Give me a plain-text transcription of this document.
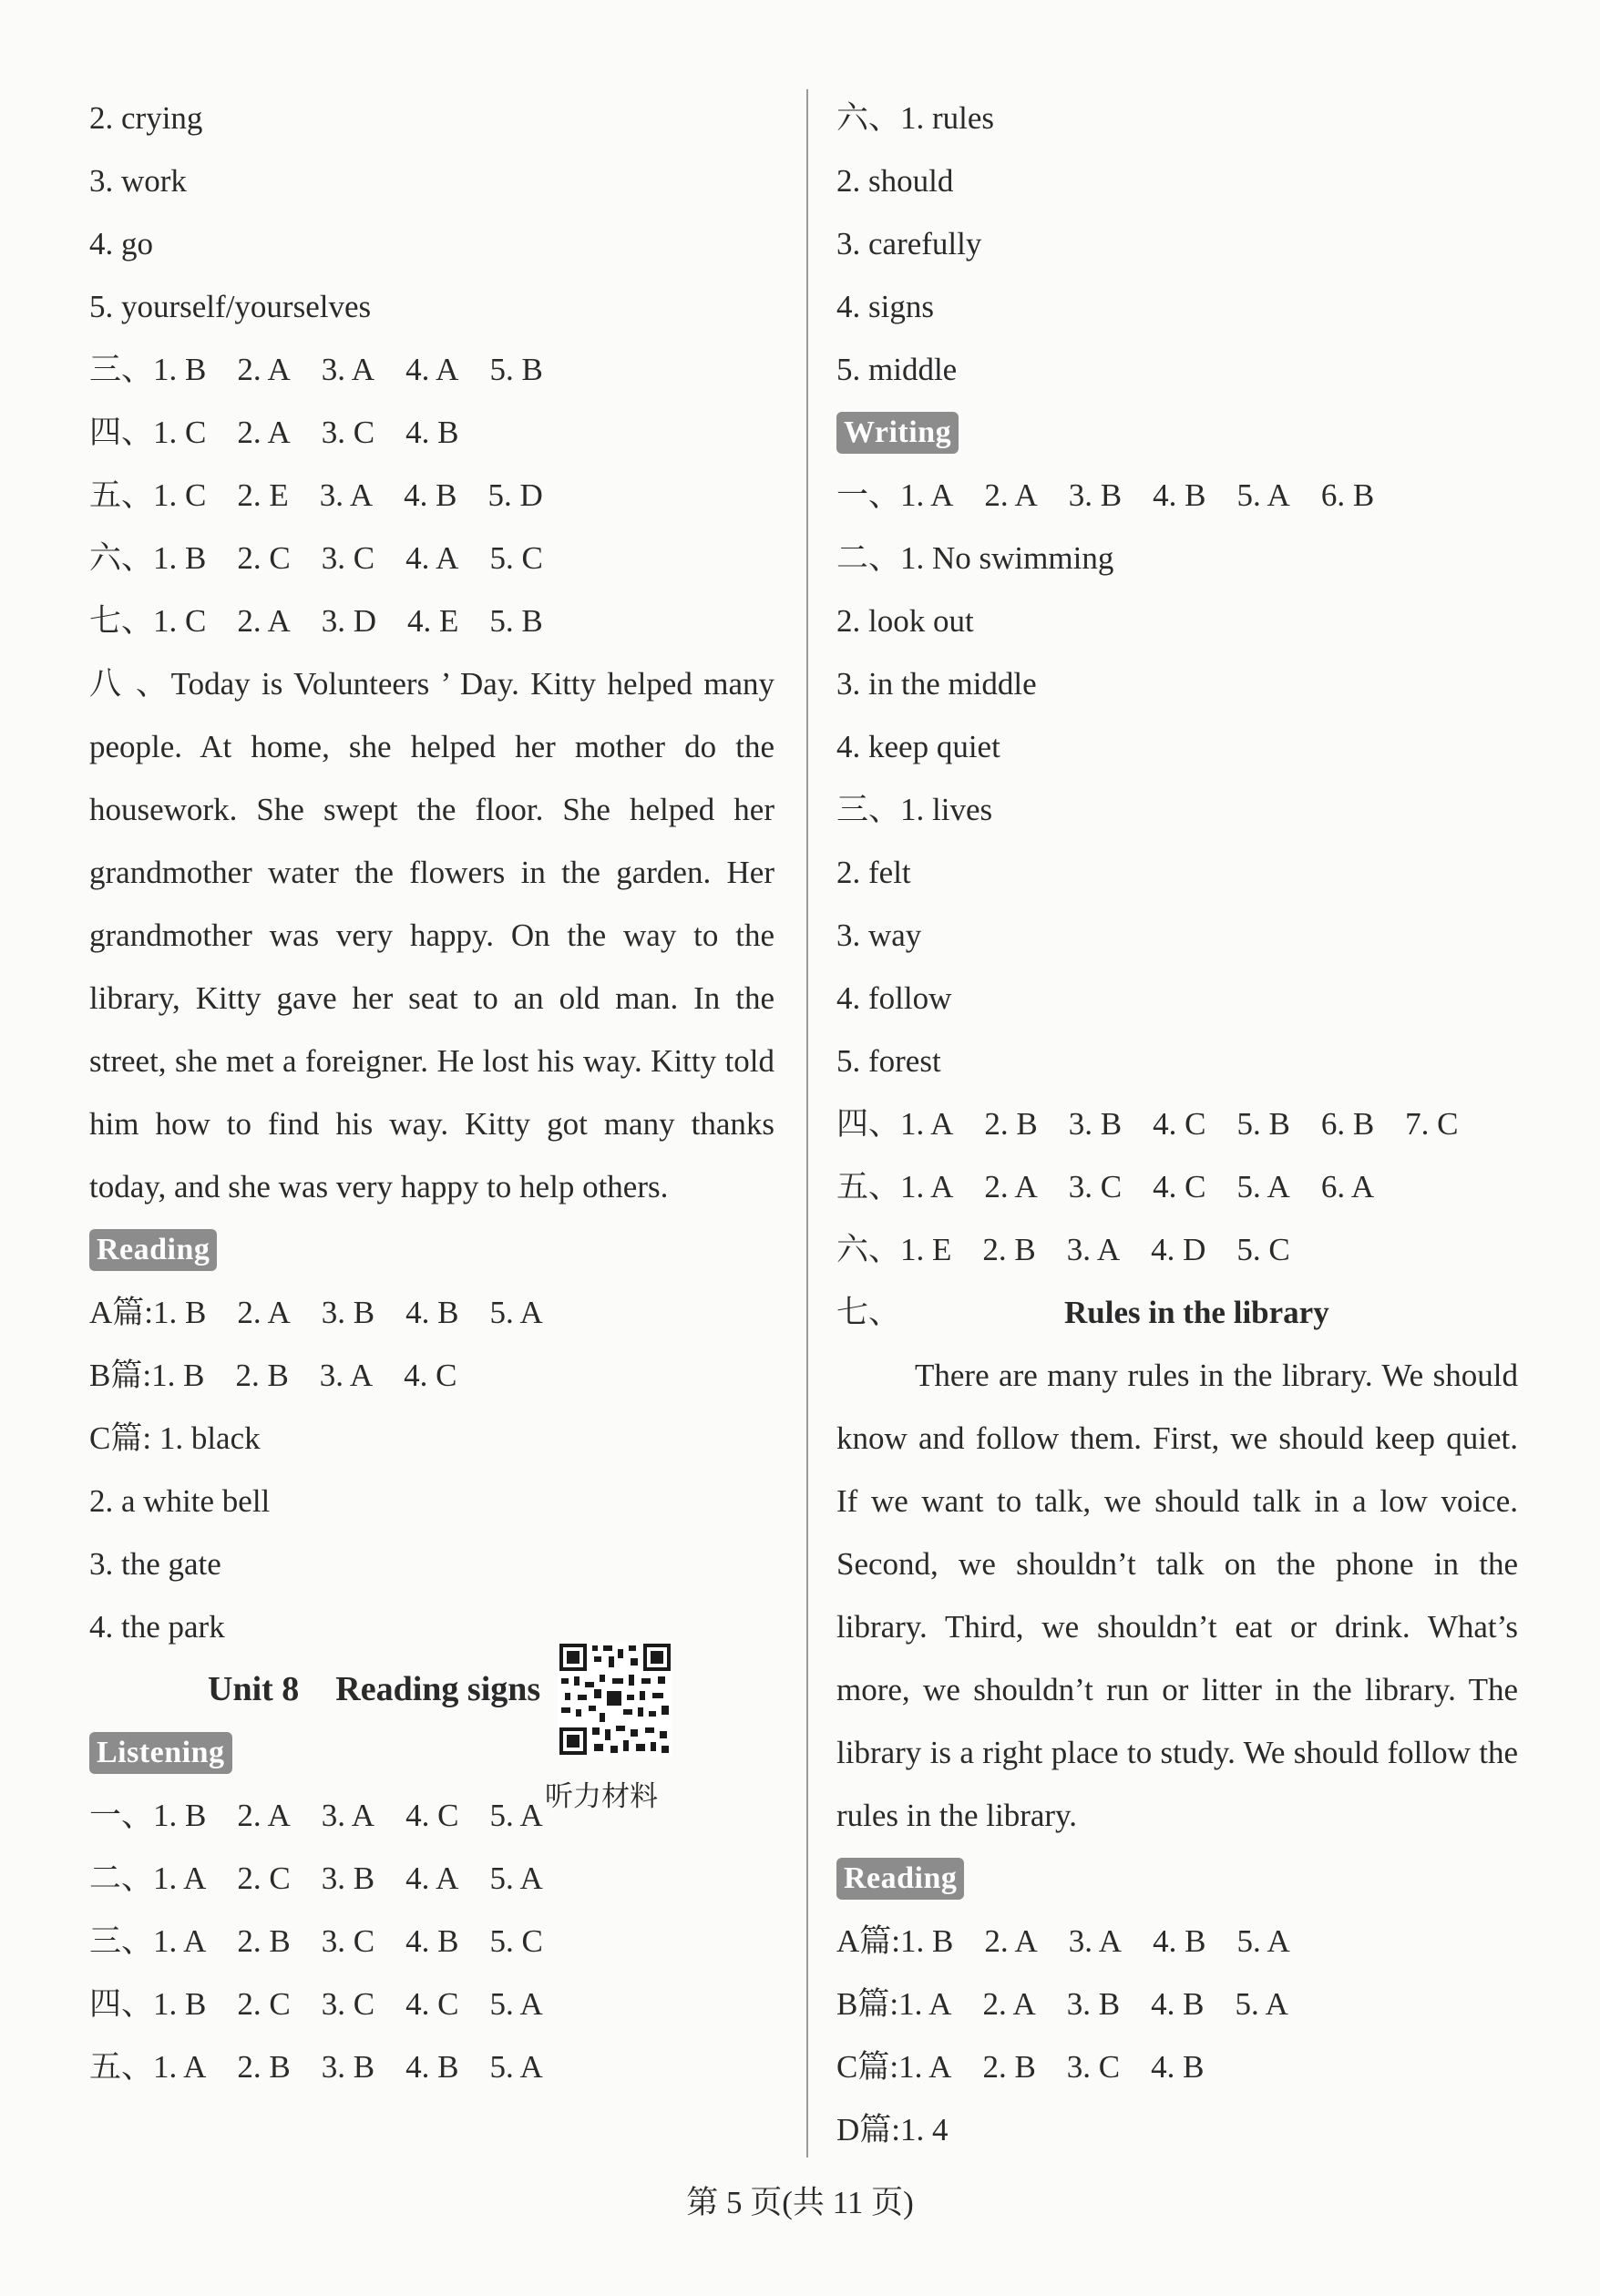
2. crying
3. work
4. go
5. yourself/yourselves
三、1. B 2. A 3. A 4. A 5. B
四、1. C 2. A 3. C 4. B
五、1. C 2. E 3. A 4. B 5. D
六、1. B 2. C 3. C 4. A 5. C
七、1. C 2. A 3. D 4. E 5. B

八 、Today is Volunteers ’ Day. Kitty helped many people. At home, she helped her mother do the housework. She swept the floor. She helped her grandmother water the flowers in the garden. Her grandmother was very happy. On the way to the library, Kitty gave her seat to an old man. In the street, she met a foreigner. He lost his way. Kitty told him how to find his way. Kitty got many thanks today, and she was very happy to help others.

Reading
A篇:1. B 2. A 3. B 4. B 5. A
B篇:1. B 2. B 3. A 4. C
C篇: 1. black
2. a white bell
3. the gate
4. the park
Unit 8 Reading signs
Listening
一、1. B 2. A 3. A 4. C 5. A
二、1. A 2. C 3. B 4. A 5. A
三、1. A 2. B 3. C 4. B 5. C
四、1. B 2. C 3. C 4. C 5. A
五、1. A 2. B 3. B 4. B 5. A
听力材料
六、1. rules
2. should
3. carefully
4. signs
5. middle
Writing
一、1. A 2. A 3. B 4. B 5. A 6. B
二、1. No swimming
2. look out
3. in the middle
4. keep quiet
三、1. lives
2. felt
3. way
4. follow
5. forest
四、1. A 2. B 3. B 4. C 5. B 6. B 7. C
五、1. A 2. A 3. C 4. C 5. A 6. A
六、1. E 2. B 3. A 4. D 5. C
七、	Rules in the library

There are many rules in the library. We should know and follow them. First, we should keep quiet. If we want to talk, we should talk in a low voice. Second, we shouldn’t talk on the phone in the library. Third, we shouldn’t eat or drink. What’s more, we shouldn’t run or litter in the library. The library is a right place to study. We should follow the rules in the library.

Reading
A篇:1. B 2. A 3. A 4. B 5. A
B篇:1. A 2. A 3. B 4. B 5. A
C篇:1. A 2. B 3. C 4. B
D篇:1. 4
第 5 页(共 11 页)
